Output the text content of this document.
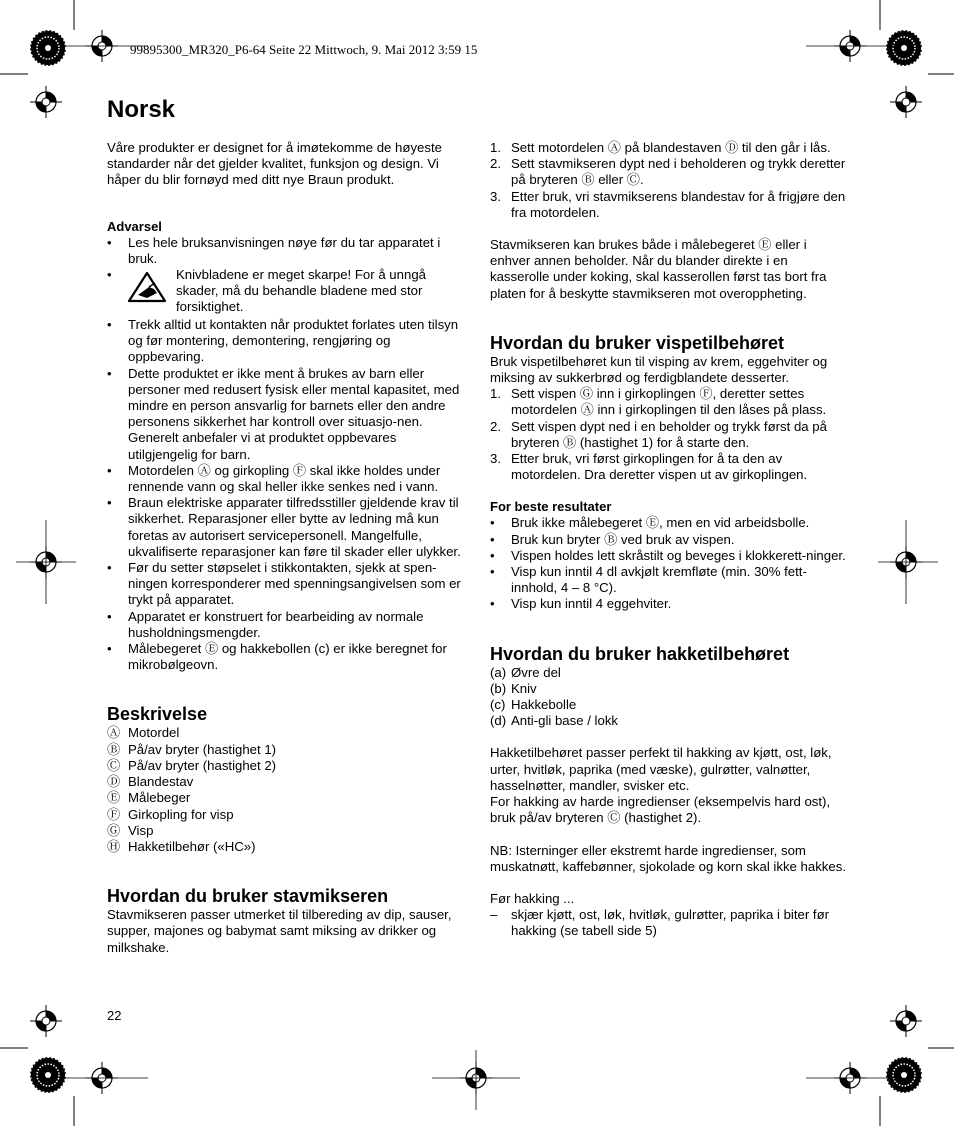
99895300_MR320_P6-64 Seite 22 Mittwoch, 9. Mai 2012 3:59 15
Norsk

Våre produkter er designet for å imøtekomme de høyeste standarder når det gjelder kvalitet, funksjon og design. Vi håper du blir fornøyd med ditt nye Braun produkt.

Advarsel
• Les hele bruksanvisningen nøye før du tar apparatet i bruk.
• Knivbladene er meget skarpe! For å unngå skader, må du behandle bladene med stor forsiktighet.
• Trekk alltid ut kontakten når produktet forlates uten tilsyn og før montering, demontering, rengjøring og oppbevaring.
• Dette produktet er ikke ment å brukes av barn eller personer med redusert fysisk eller mental kapasitet, med mindre en person ansvarlig for barnets eller den andre personens sikkerhet har kontroll over situasjo-nen. Generelt anbefaler vi at produktet oppbevares utilgjengelig for barn.
• Motordelen Ⓐ og girkopling Ⓕ skal ikke holdes under rennende vann og skal heller ikke senkes ned i vann.
• Braun elektriske apparater tilfredsstiller gjeldende krav til sikkerhet. Reparasjoner eller bytte av ledning må kun foretas av autorisert servicepersonell. Mangelfulle, ukvalifiserte reparasjoner kan føre til skader eller ulykker.
• Før du setter støpselet i stikkontakten, sjekk at spen-ningen korresponderer med spenningsangivelsen som er trykt på apparatet.
• Apparatet er konstruert for bearbeiding av normale husholdningsmengder.
• Målebegeret Ⓔ og hakkebollen (c) er ikke beregnet for mikrobølgeovn.
Beskrivelse
Ⓐ Motordel
Ⓑ På/av bryter (hastighet 1)
Ⓒ På/av bryter (hastighet 2)
Ⓓ Blandestav
Ⓔ Målebeger
Ⓕ Girkopling for visp
Ⓖ Visp
Ⓗ Hakketilbehør («HC»)
Hvordan du bruker stavmikseren

Stavmikseren passer utmerket til tilbereding av dip, sauser, supper, majones og babymat samt miksing av drikker og milkshake.

22
1. Sett motordelen Ⓐ på blandestaven Ⓓ til den går i lås.
2. Sett stavmikseren dypt ned i beholderen og trykk deretter på bryteren Ⓑ eller Ⓒ.
3. Etter bruk, vri stavmikserens blandestav for å frigjøre den fra motordelen.

Stavmikseren kan brukes både i målebegeret Ⓔ eller i enhver annen beholder. Når du blander direkte i en kasserolle under koking, skal kasserollen først tas bort fra platen for å beskytte stavmikseren mot overoppheting.

Hvordan du bruker vispetilbehøret

Bruk vispetilbehøret kun til visping av krem, eggehviter og miksing av sukkerbrød og ferdigblandete desserter.

1. Sett vispen Ⓖ inn i girkoplingen Ⓕ, deretter settes motordelen Ⓐ inn i girkoplingen til den låses på plass.
2. Sett vispen dypt ned i en beholder og trykk først da på bryteren Ⓑ (hastighet 1) for å starte den.
3. Etter bruk, vri først girkoplingen for å ta den av motordelen. Dra deretter vispen ut av girkoplingen.
For beste resultater
• Bruk ikke målebegeret Ⓔ, men en vid arbeidsbolle.
• Bruk kun bryter Ⓑ ved bruk av vispen.
• Vispen holdes lett skråstilt og beveges i klokkerett-ninger.
• Visp kun inntil 4 dl avkjølt kremfløte (min. 30% fett-innhold, 4 – 8 °C).
• Visp kun inntil 4 eggehviter.
Hvordan du bruker hakketilbehøret
(a) Øvre del
(b) Kniv
(c) Hakkebolle
(d) Anti-gli base / lokk

Hakketilbehøret passer perfekt til hakking av kjøtt, ost, løk, urter, hvitløk, paprika (med væske), gulrøtter, valnøtter, hasselnøtter, mandler, svisker etc.

For hakking av harde ingredienser (eksempelvis hard ost), bruk på/av bryteren Ⓒ (hastighet 2).

NB: Isterninger eller ekstremt harde ingredienser, som muskatnøtt, kaffebønner, sjokolade og korn skal ikke hakkes.

Før hakking ...

– skjær kjøtt, ost, løk, hvitløk, gulrøtter, paprika i biter før hakking (se tabell side 5)
